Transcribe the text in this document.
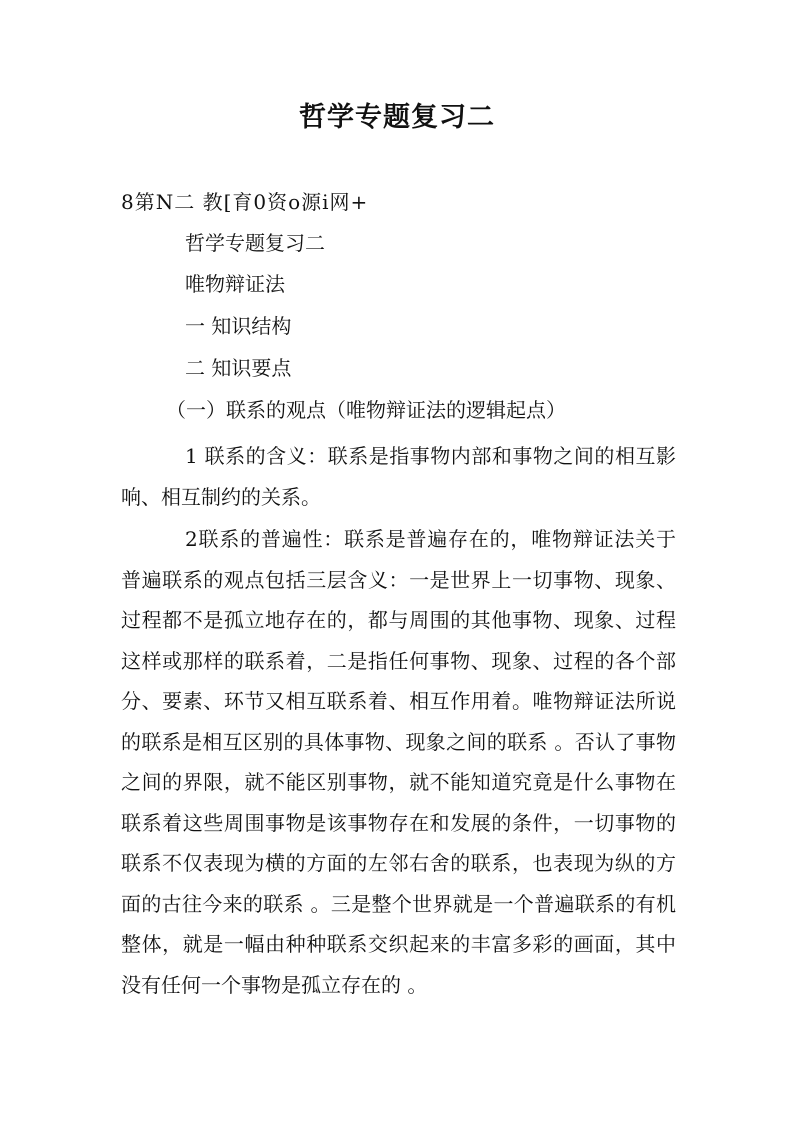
哲学专题复习二

8第N二 教[育0资o源i网+

哲学专题复习二

唯物辩证法

一 知识结构

二 知识要点

（一）联系的观点（唯物辩证法的逻辑起点）

1 联系的含义：联系是指事物内部和事物之间的相互影响、相互制约的关系。

2联系的普遍性：联系是普遍存在的，唯物辩证法关于普遍联系的观点包括三层含义：一是世界上一切事物、现象、过程都不是孤立地存在的，都与周围的其他事物、现象、过程这样或那样的联系着，二是指任何事物、现象、过程的各个部分、要素、环节又相互联系着、相互作用着。唯物辩证法所说的联系是相互区别的具体事物、现象之间的联系 。否认了事物之间的界限，就不能区别事物，就不能知道究竟是什么事物在联系着这些周围事物是该事物存在和发展的条件，一切事物的联系不仅表现为横的方面的左邻右舍的联系，也表现为纵的方面的古往今来的联系 。三是整个世界就是一个普遍联系的有机整体，就是一幅由种种联系交织起来的丰富多彩的画面，其中没有任何一个事物是孤立存在的 。
